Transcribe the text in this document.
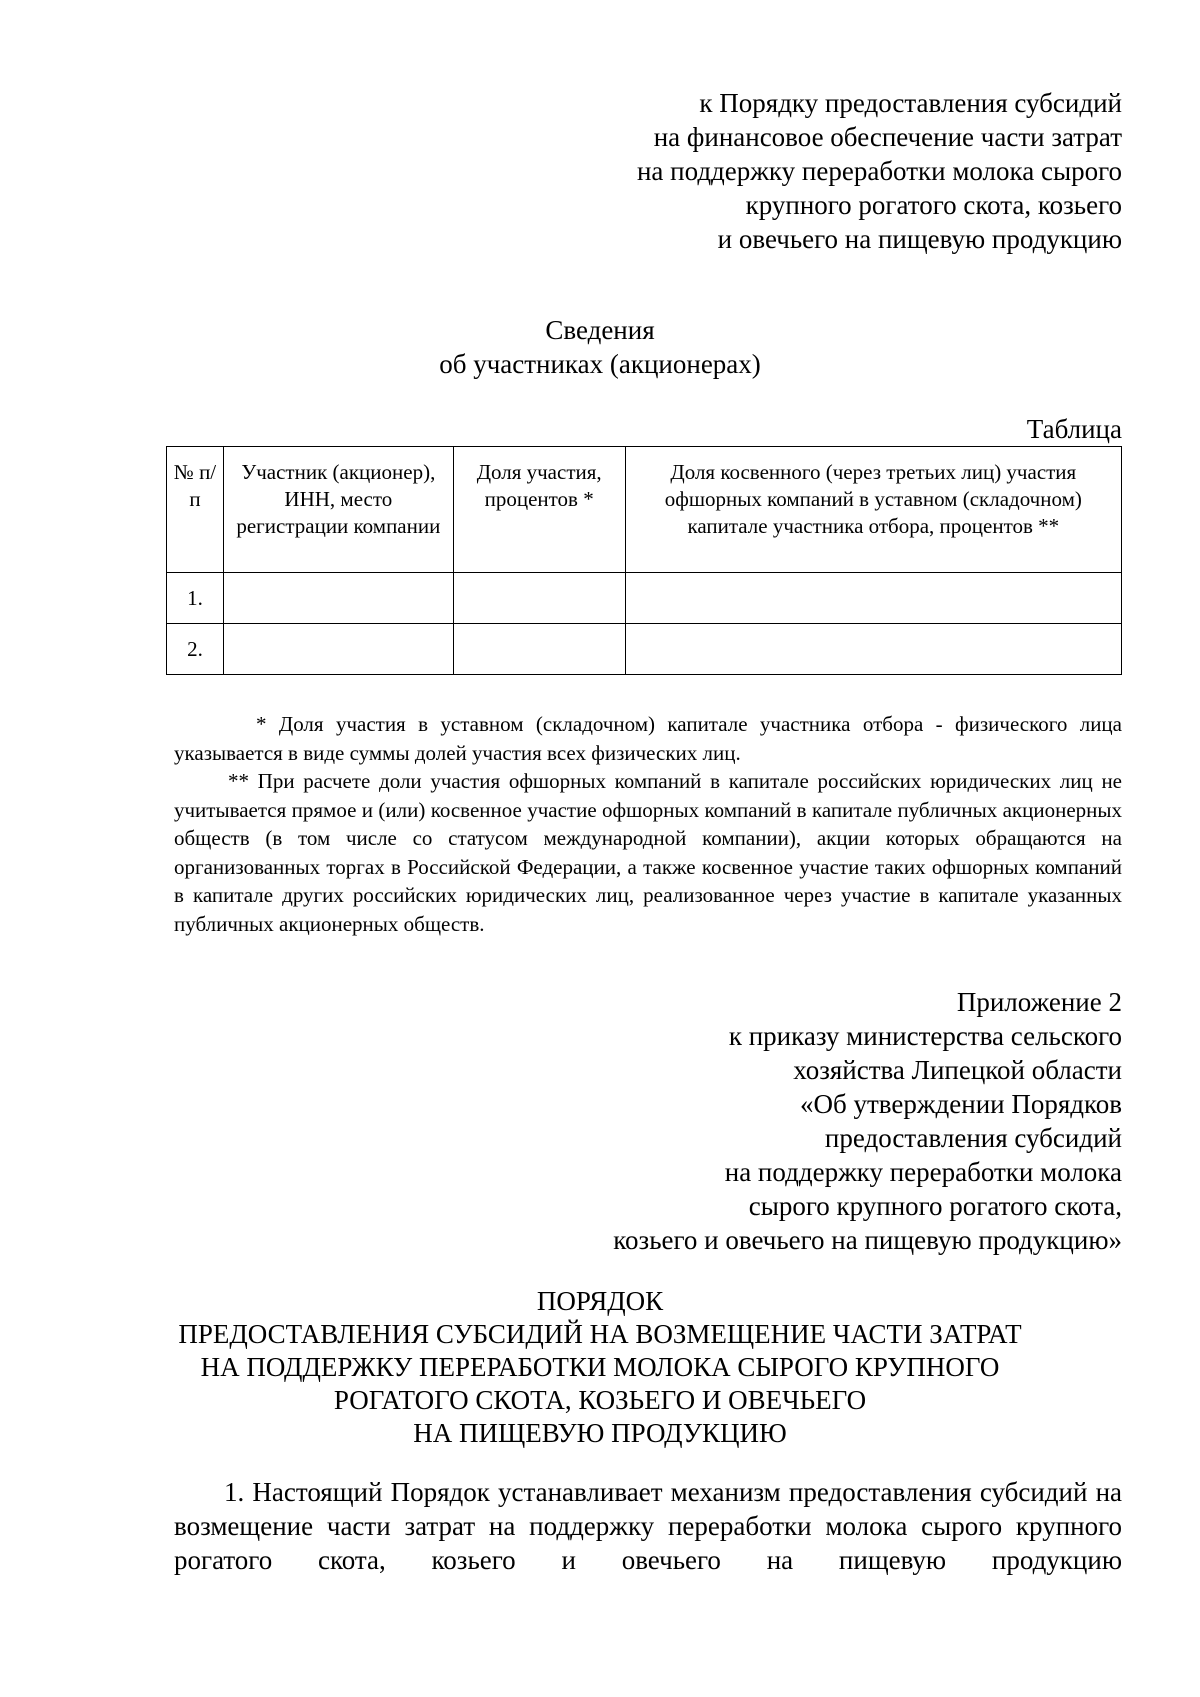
к Порядку предоставления субсидий
на финансовое обеспечение части затрат
на поддержку переработки молока сырого
крупного рогатого скота, козьего
и овечьего на пищевую продукцию
Сведения
об участниках (акционерах)
Таблица
№ п/п	Участник (акционер), ИНН, место регистрации компании	Доля участия, процентов *	Доля косвенного (через третьих лиц) участия офшорных компаний в уставном (складочном) капитале участника отбора, процентов **
1.			
2.			

* Доля участия в уставном (складочном) капитале участника отбора - физического лица указывается в виде суммы долей участия всех физических лиц.

** При расчете доли участия офшорных компаний в капитале российских юридических лиц не учитывается прямое и (или) косвенное участие офшорных компаний в капитале публичных акционерных обществ (в том числе со статусом международной компании), акции которых обращаются на организованных торгах в Российской Федерации, а также косвенное участие таких офшорных компаний в капитале других российских юридических лиц, реализованное через участие в капитале указанных публичных акционерных обществ.

Приложение 2
к приказу министерства сельского
хозяйства Липецкой области
«Об утверждении Порядков
предоставления субсидий
на поддержку переработки молока
сырого крупного рогатого скота,
козьего и овечьего на пищевую продукцию»
ПОРЯДОК
ПРЕДОСТАВЛЕНИЯ СУБСИДИЙ НА ВОЗМЕЩЕНИЕ ЧАСТИ ЗАТРАТ
НА ПОДДЕРЖКУ ПЕРЕРАБОТКИ МОЛОКА СЫРОГО КРУПНОГО
РОГАТОГО СКОТА, КОЗЬЕГО И ОВЕЧЬЕГО
НА ПИЩЕВУЮ ПРОДУКЦИЮ

1. Настоящий Порядок устанавливает механизм предоставления субсидий на возмещение части затрат на поддержку переработки молока сырого крупного рогатого скота, козьего и овечьего на пищевую продукцию
